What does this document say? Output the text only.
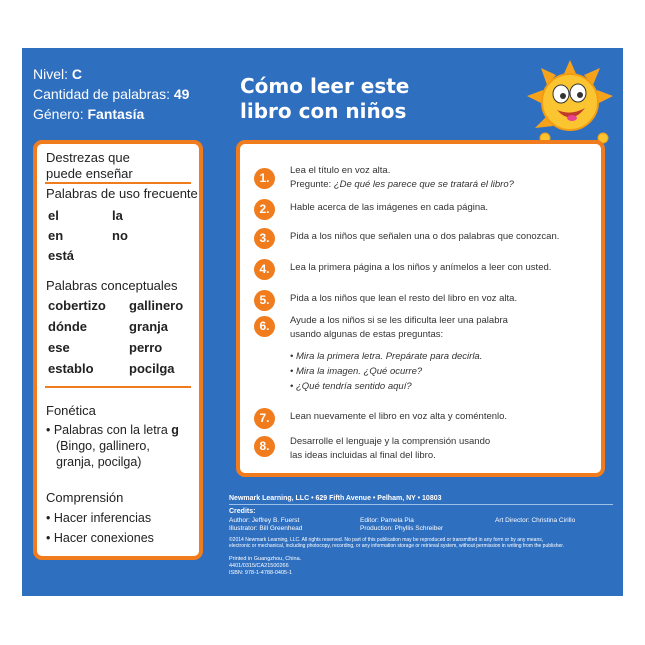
Nivel: C
Cantidad de palabras: 49
Género: Fantasía
Cómo leer este
libro con niños
Destrezas que
puede enseñar
Palabras de uso frecuente
el	la
en	no
está
Palabras conceptuales
cobertizo gallinero
dónde	granja
ese	perro
establo	pocilga
Fonética
• Palabras con la letra g
(Bingo, gallinero,
granja, pocilga)
Comprensión
• Hacer inferencias
• Hacer conexiones
1.
Lea el título en voz alta.
Pregunte: ¿De qué les parece que se tratará el libro?
2.	Hable acerca de las imágenes en cada página.
3.	Pida a los niños que señalen una o dos palabras que conozcan.
4.	Lea la primera página a los niños y anímelos a leer con usted.
5.	Pida a los niños que lean el resto del libro en voz alta.
6.	Ayude a los niños si se les dificulta leer una palabra
usando algunas de estas preguntas:
• Mira la primera letra. Prepárate para decirla.
• Mira la imagen. ¿Qué ocurre?
• ¿Qué tendría sentido aquí?
7.	Lean nuevamente el libro en voz alta y coméntenlo.
8.	Desarrolle el lenguaje y la comprensión usando
las ideas incluidas al final del libro.
Newmark Learning, LLC • 629 Fifth Avenue • Pelham, NY • 10803
Credits:
Author: Jeffrey B. Fuerst
Illustrator: Bill Greenhead
Editor: Pamela Pia
Production: Phyllis Schreiber
Art Director: Christina Cirillo
©2014 Newmark Learning, LLC. All rights reserved. No part of this publication may be reproduced or transmitted in any form or by any means,
electronic or mechanical, including photocopy, recording, or any information storage or retrieval system, without permission in writing from the publisher.
Printed in Guangzhou, China.
4401/0315/CA21500266
ISBN: 978-1-4788-0405-1
